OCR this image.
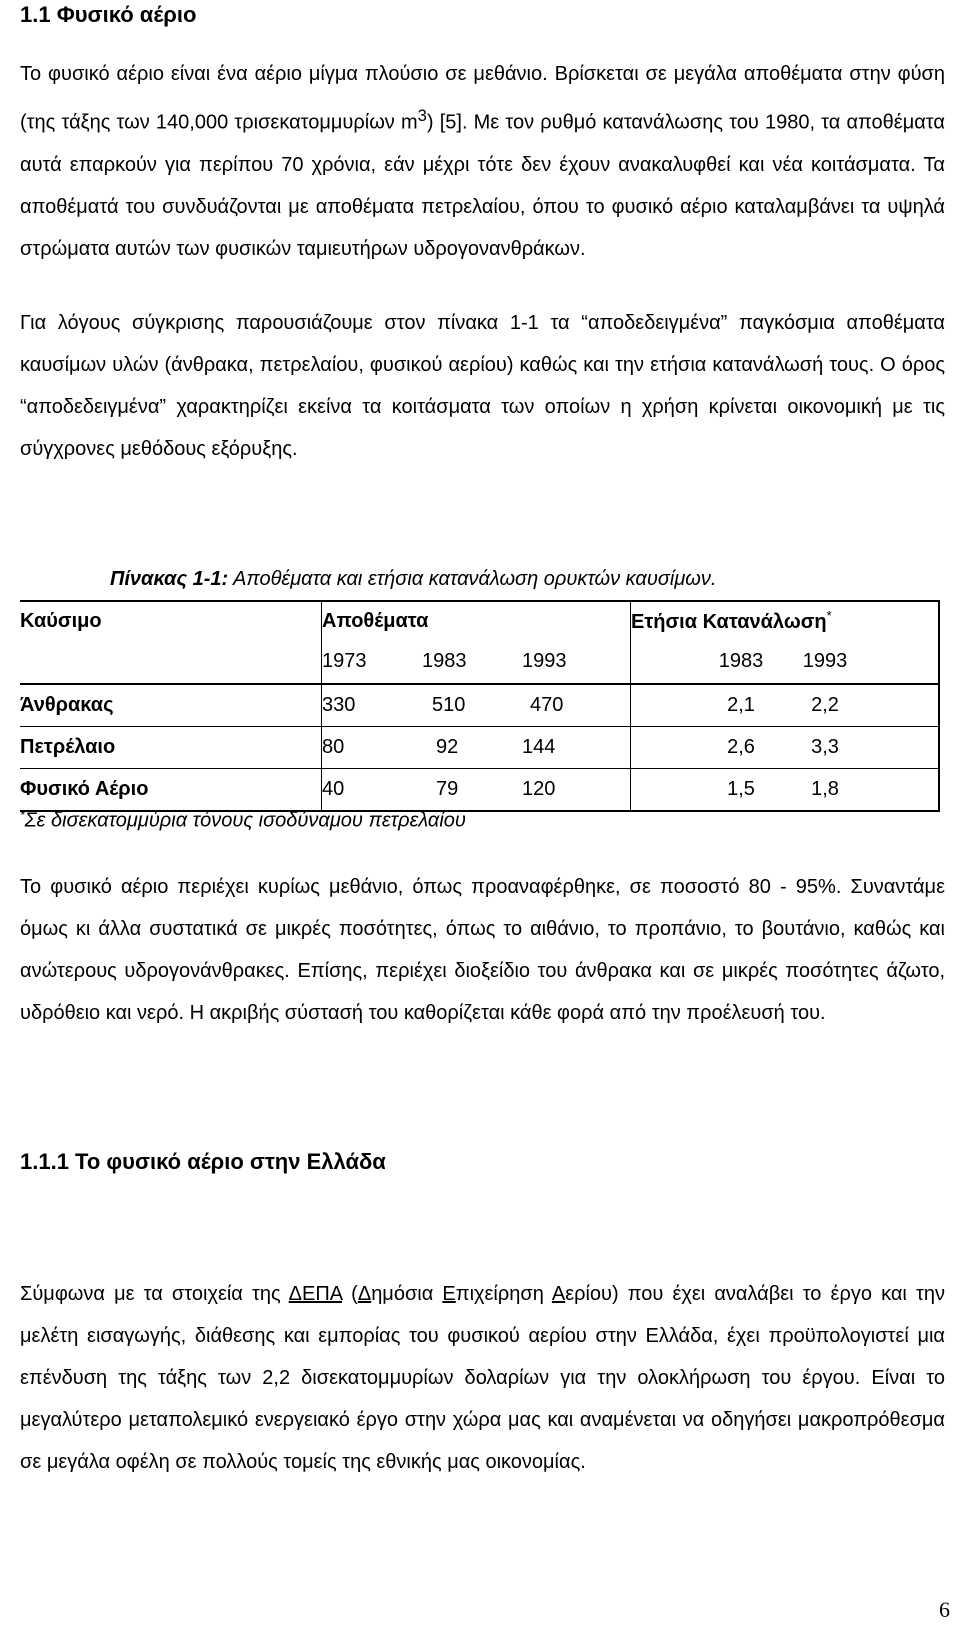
1.1 Φυσικό αέριο

Το φυσικό αέριο είναι ένα αέριο μίγμα πλούσιο σε μεθάνιο. Βρίσκεται σε μεγάλα αποθέματα στην φύση (της τάξης των 140,000 τρισεκατομμυρίων $m^3$) [5]. Με τον ρυθμό κατανάλωσης του 1980, τα αποθέματα αυτά επαρκούν για περίπου 70 χρόνια, εάν μέχρι τότε δεν έχουν ανακαλυφθεί και νέα κοιτάσματα. Τα αποθέματά του συνδυάζονται με αποθέματα πετρελαίου, όπου το φυσικό αέριο καταλαμβάνει τα υψηλά στρώματα αυτών των φυσικών ταμιευτήρων υδρογονανθράκων.

Για λόγους σύγκρισης παρουσιάζουμε στον πίνακα 1-1 τα “αποδεδειγμένα” παγκόσμια αποθέματα καυσίμων υλών (άνθρακα, πετρελαίου, φυσικού αερίου) καθώς και την ετήσια κατανάλωσή τους. Ο όρος “αποδεδειγμένα” χαρακτηρίζει εκείνα τα κοιτάσματα των οποίων η χρήση κρίνεται οικονομική με τις σύγχρονες μεθόδους εξόρυξης.

Πίνακας 1-1: Αποθέματα και ετήσια κατανάλωση ορυκτών καυσίμων.

Καύσιμο	Αποθέματα	Ετήσια Κατανάλωση*

	1973 1983 1993	1983 1993

Άνθρακας	330 510 470	2,1 2,2

Πετρέλαιο	80 92 144	2,6 3,3

Φυσικό Αέριο	40 79 120	1,5 1,8

*Σε δισεκατομμύρια τόνους ισοδύναμου πετρελαίου

Το φυσικό αέριο περιέχει κυρίως μεθάνιο, όπως προαναφέρθηκε, σε ποσοστό 80 - 95%. Συναντάμε όμως κι άλλα συστατικά σε μικρές ποσότητες, όπως το αιθάνιο, το προπάνιο, το βουτάνιο, καθώς και ανώτερους υδρογονάνθρακες. Επίσης, περιέχει διοξείδιο του άνθρακα και σε μικρές ποσότητες άζωτο, υδρόθειο και νερό. Η ακριβής σύστασή του καθορίζεται κάθε φορά από την προέλευσή του.

1.1.1 Το φυσικό αέριο στην Ελλάδα

Σύμφωνα με τα στοιχεία της ΔΕΠΑ (Δημόσια Επιχείρηση Αερίου) που έχει αναλάβει το έργο και την μελέτη εισαγωγής, διάθεσης και εμπορίας του φυσικού αερίου στην Ελλάδα, έχει προϋπολογιστεί μια επένδυση της τάξης των 2,2 δισεκατομμυρίων δολαρίων για την ολοκλήρωση του έργου. Είναι το μεγαλύτερο μεταπολεμικό ενεργειακό έργο στην χώρα μας και αναμένεται να οδηγήσει μακροπρόθεσμα σε μεγάλα οφέλη σε πολλούς τομείς της εθνικής μας οικονομίας.

6
